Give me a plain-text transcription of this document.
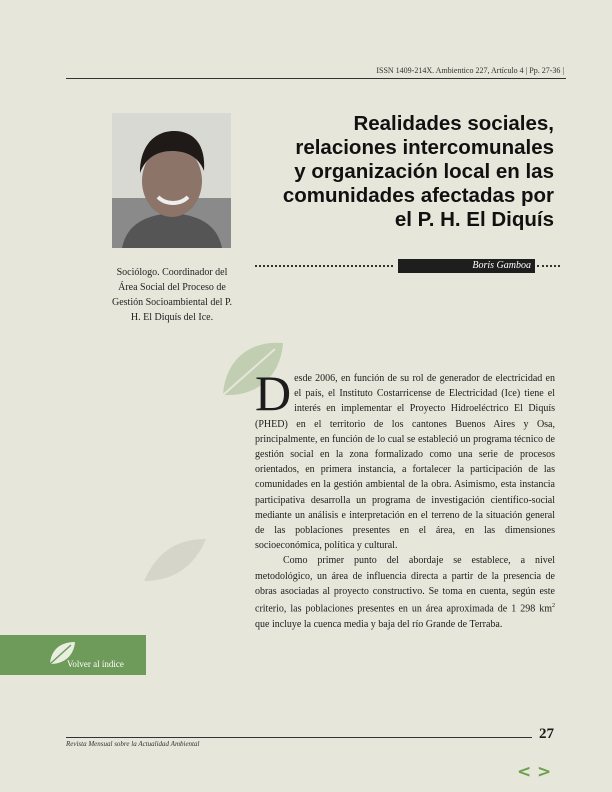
ISSN 1409-214X. Ambientico 227, Artículo 4 | Pp. 27-36 |
Realidades sociales,
relaciones intercomunales
y organización local en las
comunidades afectadas por
el P. H. El Diquís
Boris Gamboa
Sociólogo. Coordinador del Área Social del Proceso de Gestión Socioambiental del P. H. El Diquís del Ice.

Desde 2006, en función de su rol de generador de electricidad en el país, el Instituto Costarricense de Electricidad (Ice) tiene el interés en implementar el Proyecto Hidroeléctrico El Diquís (PHED) en el territorio de los cantones Buenos Aires y Osa, principalmente, en función de lo cual se estableció un programa técnico de gestión social en la zona formalizado como una serie de procesos orientados, en primera instancia, a fortalecer la participación de las comunidades en la gestión ambiental de la obra. Asimismo, esta instancia participativa desarrolla un programa de investigación científico-social mediante un análisis e interpretación en el terreno de la situación general de las poblaciones presentes en el área, en las dimensiones socioeconómica, política y cultural.

Como primer punto del abordaje se establece, a nivel metodológico, un área de influencia directa a partir de la presencia de obras asociadas al proyecto constructivo. Se toma en cuenta, según este criterio, las poblaciones presentes en un área aproximada de 1 298 $km^2$ que incluye la cuenca media y baja del río Grande de Terraba.

Volver al índice
27
Revista Mensual sobre la Actualidad Ambiental
< >
